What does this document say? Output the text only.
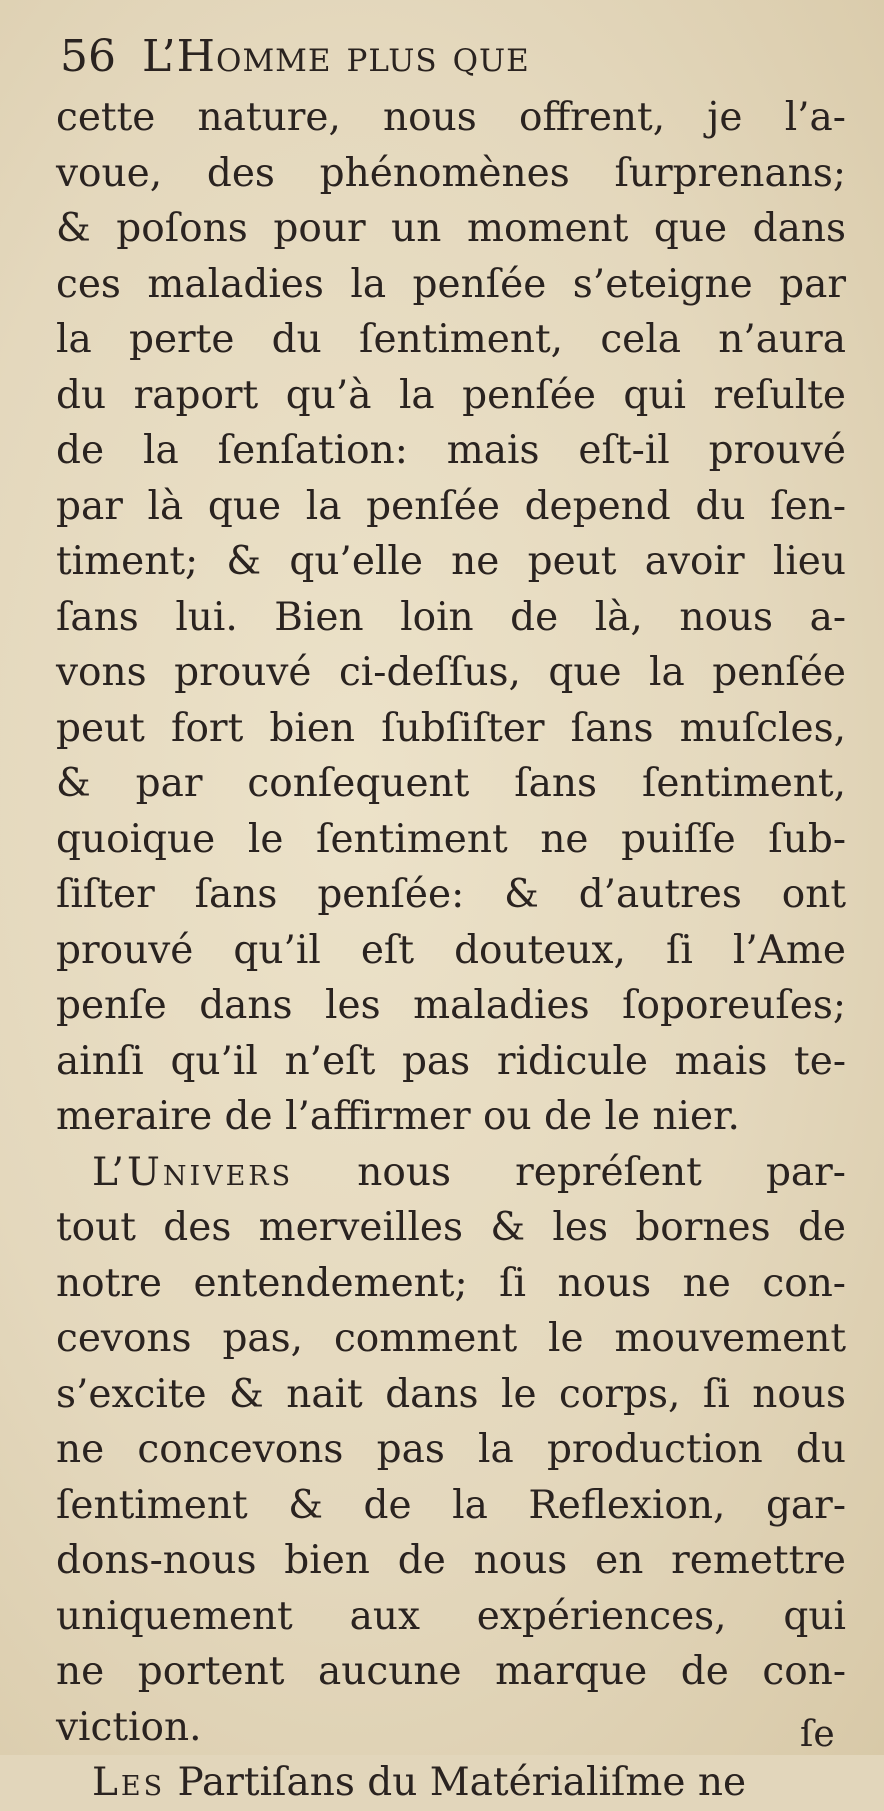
56 L’Homme plus que
cette nature, nous offrent, je l’a-
voue, des phénomènes ſurprenans;
& poſons pour un moment que dans
ces maladies la penſée s’eteigne par
la perte du ſentiment, cela n’aura
du raport qu’à la penſée qui reſulte
de la ſenſation: mais eſt-il prouvé
par là que la penſée depend du ſen-
timent; & qu’elle ne peut avoir lieu
ſans lui. Bien loin de là, nous a-
vons prouvé ci-deſſus, que la penſée
peut fort bien ſubſiſter ſans muſcles,
& par conſequent ſans ſentiment,
quoique le ſentiment ne puiſſe ſub-
ſiſter ſans penſée: & d’autres ont
prouvé qu’il eſt douteux, ſi l’Ame
penſe dans les maladies ſoporeuſes;
ainſi qu’il n’eſt pas ridicule mais te-
meraire de l’affirmer ou de le nier.
L’Univers nous repréſent par-
tout des merveilles & les bornes de
notre entendement; ſi nous ne con-
cevons pas, comment le mouvement
s’excite & nait dans le corps, ſi nous
ne concevons pas la production du
ſentiment & de la Reflexion, gar-
dons-nous bien de nous en remettre
uniquement aux expériences, qui
ne portent aucune marque de con-
viction.
Les Partiſans du Matérialiſme ne
ſe
